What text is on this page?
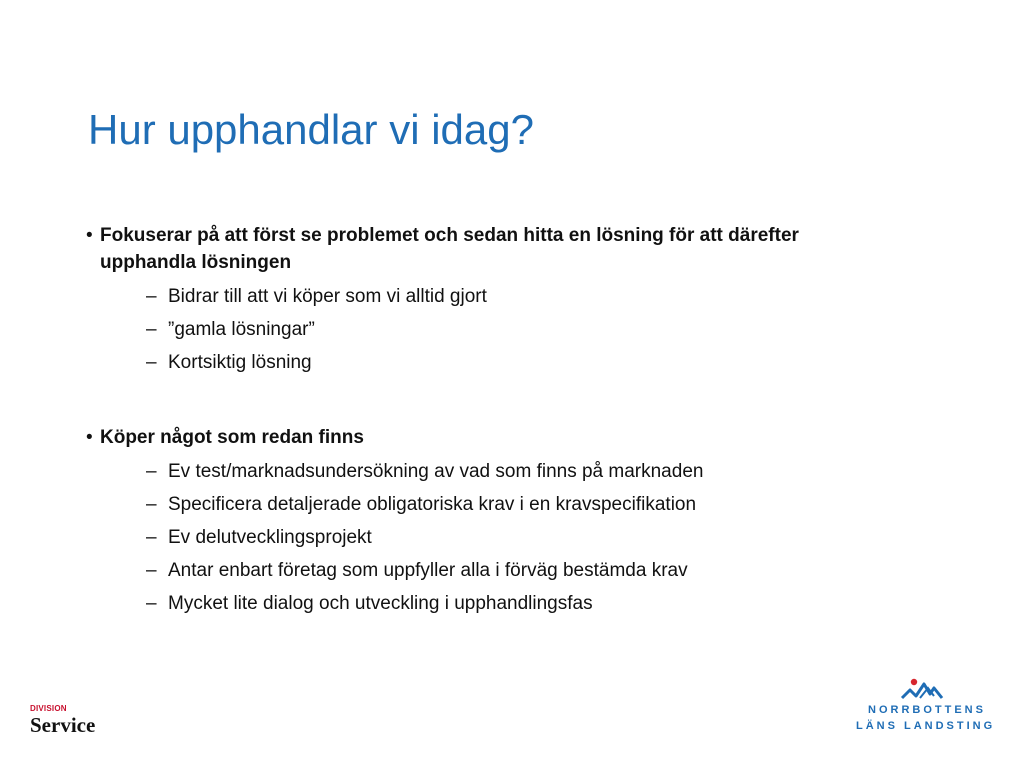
Hur upphandlar vi idag?
• Fokuserar på att först se problemet och sedan hitta en lösning för att därefter upphandla lösningen
– Bidrar till att vi köper som vi alltid gjort
– ”gamla lösningar”
– Kortsiktig lösning
• Köper något som redan finns
– Ev test/marknadsundersökning av vad som finns på marknaden
– Specificera detaljerade obligatoriska krav i en kravspecifikation
– Ev delutvecklingsprojekt
– Antar enbart företag som uppfyller alla i förväg bestämda krav
– Mycket lite dialog och utveckling i upphandlingsfas
DIVISION
Service
NORRBOTTENS
LÄNS LANDSTING
